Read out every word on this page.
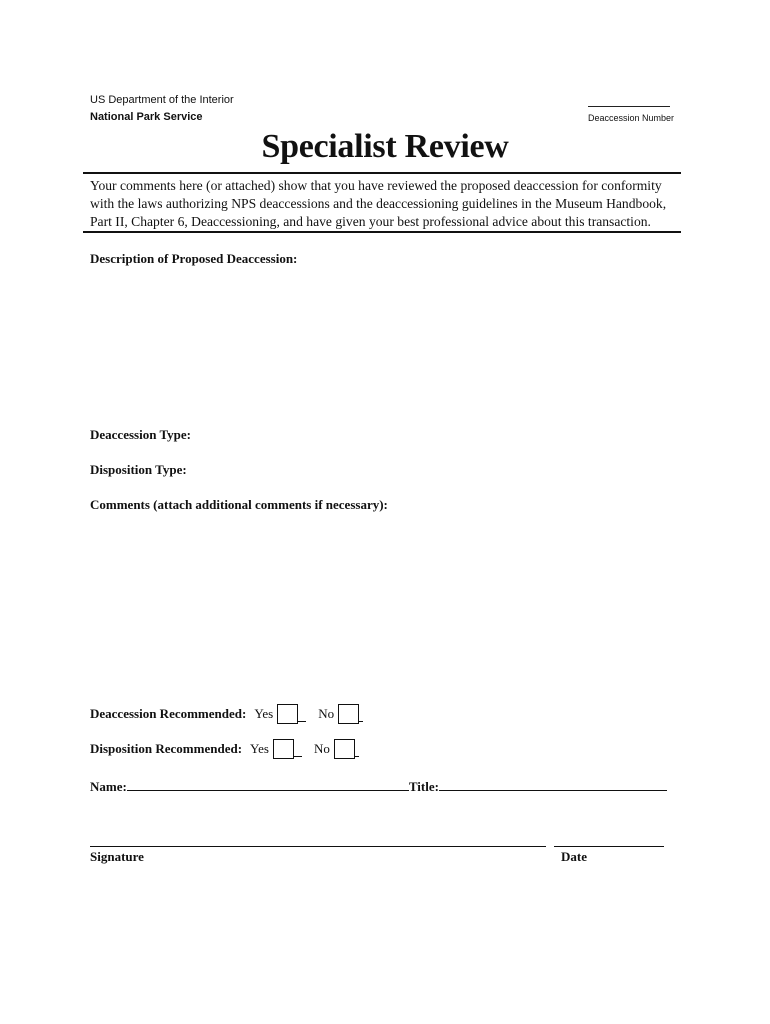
US Department of the Interior
National Park Service	Deaccession Number
Specialist Review
Your comments here (or attached) show that you have reviewed the proposed deaccession for conformity
with the laws authorizing NPS deaccessions and the deaccessioning guidelines in the Museum Handbook,
Part II, Chapter 6, Deaccessioning, and have given your best professional advice about this transaction.
Description of Proposed Deaccession:
Deaccession Type:
Disposition Type:
Comments (attach additional comments if necessary):
Deaccession Recommended: Yes	No
Disposition Recommended: Yes	No
Name:	Title:
Signature	Date
